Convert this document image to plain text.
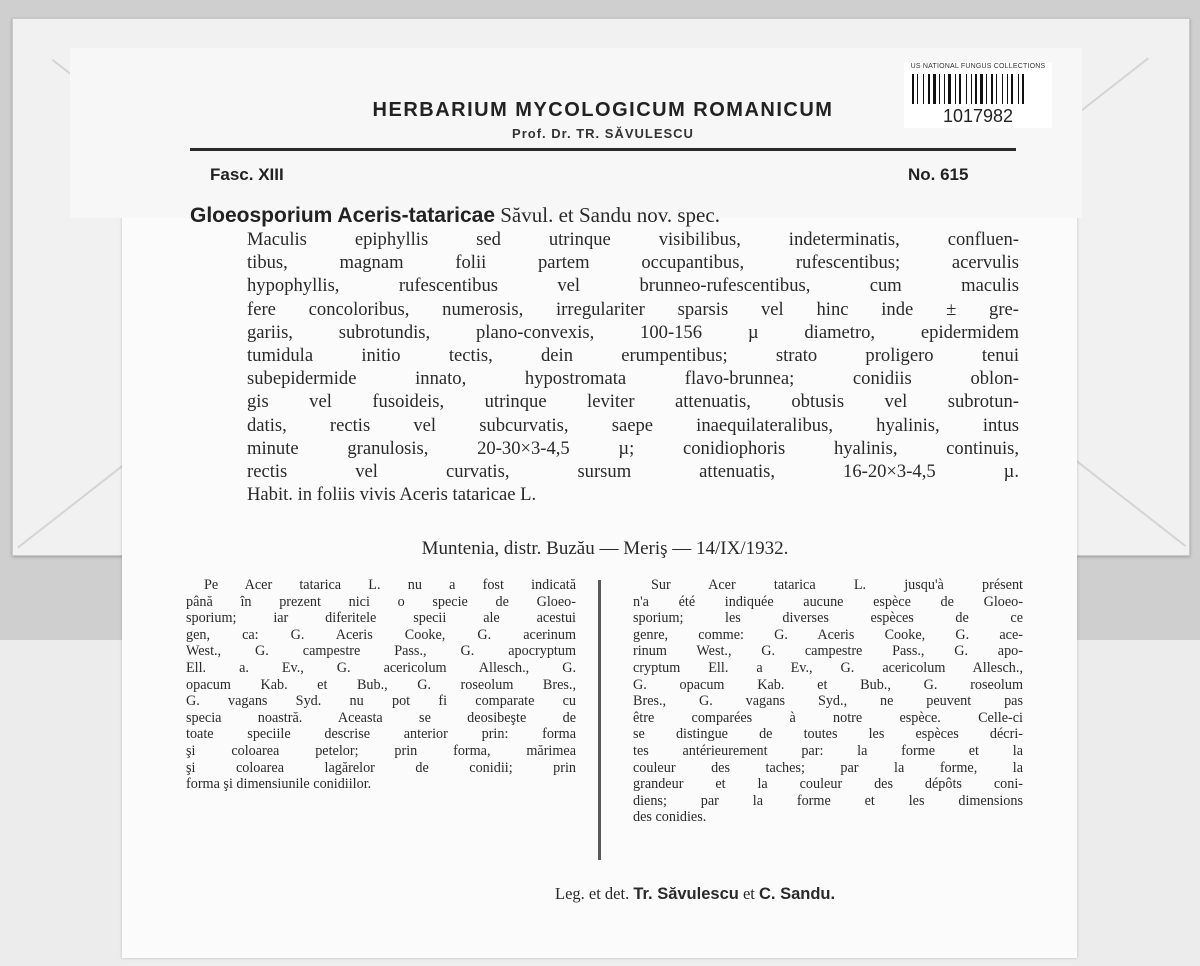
HERBARIUM MYCOLOGICUM ROMANICUM
Prof. Dr. TR. SĂVULESCU
US NATIONAL FUNGUS COLLECTIONS
1017982
Fasc. XIII	No. 615
Gloeosporium Aceris-tataricae Săvul. et Sandu nov. spec.
Maculis epiphyllis sed utrinque visibilibus, indeterminatis, confluen-
tibus, magnam folii partem occupantibus, rufescentibus; acervulis
hypophyllis, rufescentibus vel brunneo-rufescentibus, cum maculis
fere concoloribus, numerosis, irregulariter sparsis vel hinc inde ± gre-
gariis, subrotundis, plano-convexis, 100-156 µ diametro, epidermidem
tumidula initio tectis, dein erumpentibus; strato proligero tenui
subepidermide innato, hypostromata flavo-brunnea; conidiis oblon-
gis vel fusoideis, utrinque leviter attenuatis, obtusis vel subrotun-
datis, rectis vel subcurvatis, saepe inaequilateralibus, hyalinis, intus
minute granulosis, 20-30×3-4,5 µ; conidiophoris hyalinis, continuis,
rectis vel curvatis, sursum attenuatis, 16-20×3-4,5 µ.
Habit. in foliis vivis Aceris tataricae L.
Muntenia, distr. Buzău — Meriş — 14/IX/1932.
Pe Acer tatarica L. nu a fost indicată
până în prezent nici o specie de Gloeo-
sporium; iar diferitele specii ale acestui
gen, ca: G. Aceris Cooke, G. acerinum
West., G. campestre Pass., G. apocryptum
Ell. a. Ev., G. acericolum Allesch., G.
opacum Kab. et Bub., G. roseolum Bres.,
G. vagans Syd. nu pot fi comparate cu
specia noastră. Aceasta se deosibeşte de
toate speciile descrise anterior prin: forma
şi coloarea petelor; prin forma, mărimea
şi coloarea lagărelor de conidii; prin
forma şi dimensiunile conidiilor.
Sur Acer tatarica L. jusqu'à présent
n'a été indiquée aucune espèce de Gloeo-
sporium; les diverses espèces de ce
genre, comme: G. Aceris Cooke, G. ace-
rinum West., G. campestre Pass., G. apo-
cryptum Ell. a Ev., G. acericolum Allesch.,
G. opacum Kab. et Bub., G. roseolum
Bres., G. vagans Syd., ne peuvent pas
être comparées à notre espèce. Celle-ci
se distingue de toutes les espèces décri-
tes antérieurement par: la forme et la
couleur des taches; par la forme, la
grandeur et la couleur des dépôts coni-
diens; par la forme et les dimensions
des conidies.
Leg. et det. Tr. Săvulescu et C. Sandu.
